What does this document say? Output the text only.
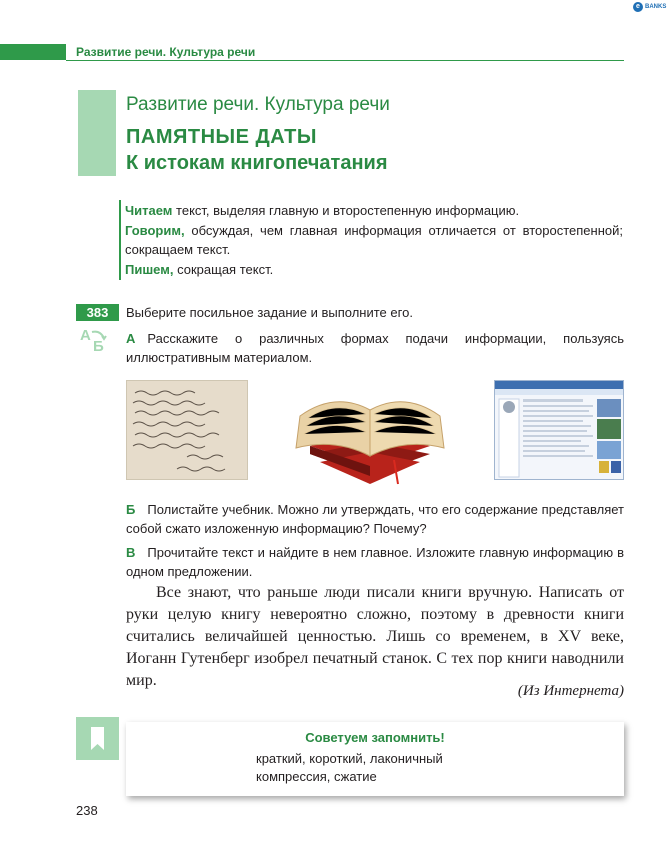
e BANKS
Развитие речи. Культура речи
Развитие речи. Культура речи
ПАМЯТНЫЕ ДАТЫ
К истокам книгопечатания
Читаем текст, выделяя главную и второстепенную информацию.
Говорим, обсуждая, чем главная информация отличается от второстепенной; сокращаем текст.
Пишем, сокращая текст.
383	Выберите посильное задание и выполните его.
А
Б А Расскажите о различных формах подачи информации, пользуясь иллюстративным материалом.
Б Полистайте учебник. Можно ли утверждать, что его содержание представляет собой сжато изложенную информацию? Почему?
В Прочитайте текст и найдите в нем главное. Изложите главную информацию в одном предложении.
Все знают, что раньше люди писали книги вручную. Написать от руки целую книгу невероятно сложно, поэтому в древности книги считались величайшей ценностью. Лишь со временем, в XV веке, Иоганн Гутенберг изобрел печатный станок. С тех пор книги наводнили мир.
(Из Интернета)
Советуем запомнить!
краткий, короткий, лаконичный
компрессия, сжатие
238
